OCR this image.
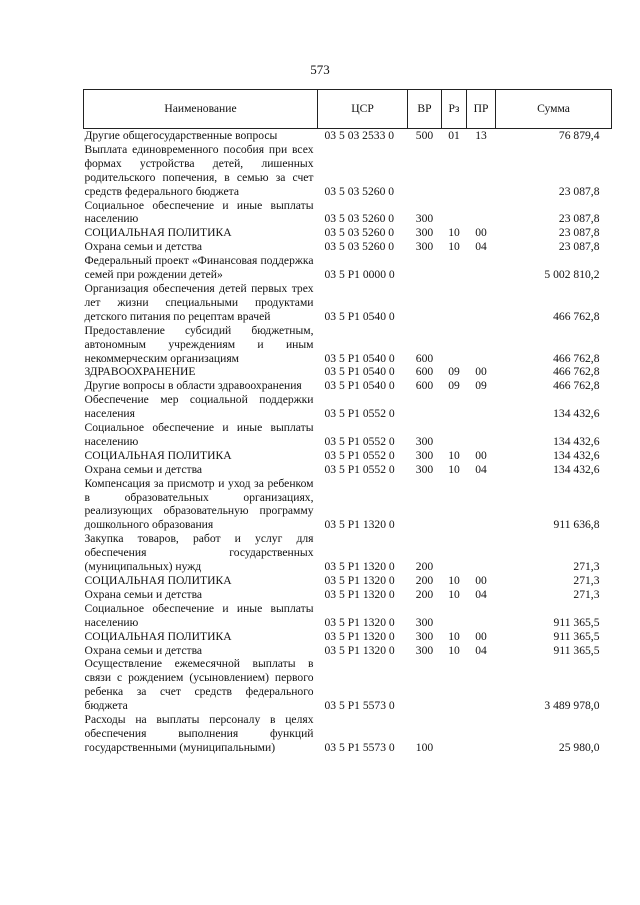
573
Наименование	ЦСР	ВР	Рз	ПР	Сумма
Другие общегосударственные вопросы	03 5 03 2533 0	500	01	13	76 879,4
Выплата единовременного пособия при всех формах устройства детей, лишенных родительского попечения, в семью за счет средств федерального бюджета	03 5 03 5260 0				23 087,8
Социальное обеспечение и иные выплаты населению	03 5 03 5260 0	300			23 087,8
СОЦИАЛЬНАЯ ПОЛИТИКА	03 5 03 5260 0	300	10	00	23 087,8
Охрана семьи и детства	03 5 03 5260 0	300	10	04	23 087,8
Федеральный проект «Финансовая поддержка семей при рождении детей»	03 5 P1 0000 0				5 002 810,2
Организация обеспечения детей первых трех лет жизни специальными продуктами детского питания по рецептам врачей	03 5 P1 0540 0				466 762,8
Предоставление субсидий бюджетным, автономным учреждениям и иным некоммерческим организациям	03 5 P1 0540 0	600			466 762,8
ЗДРАВООХРАНЕНИЕ	03 5 P1 0540 0	600	09	00	466 762,8
Другие вопросы в области здравоохранения	03 5 P1 0540 0	600	09	09	466 762,8
Обеспечение мер социальной поддержки населения	03 5 P1 0552 0				134 432,6
Социальное обеспечение и иные выплаты населению	03 5 P1 0552 0	300			134 432,6
СОЦИАЛЬНАЯ ПОЛИТИКА	03 5 P1 0552 0	300	10	00	134 432,6
Охрана семьи и детства	03 5 P1 0552 0	300	10	04	134 432,6
Компенсация за присмотр и уход за ребенком в образовательных организациях, реализующих образовательную программу дошкольного образования	03 5 P1 1320 0				911 636,8
Закупка товаров, работ и услуг для обеспечения государственных (муниципальных) нужд	03 5 P1 1320 0	200			271,3
СОЦИАЛЬНАЯ ПОЛИТИКА	03 5 P1 1320 0	200	10	00	271,3
Охрана семьи и детства	03 5 P1 1320 0	200	10	04	271,3
Социальное обеспечение и иные выплаты населению	03 5 P1 1320 0	300			911 365,5
СОЦИАЛЬНАЯ ПОЛИТИКА	03 5 P1 1320 0	300	10	00	911 365,5
Охрана семьи и детства	03 5 P1 1320 0	300	10	04	911 365,5
Осуществление ежемесячной выплаты в связи с рождением (усыновлением) первого ребенка за счет средств федерального бюджета	03 5 P1 5573 0				3 489 978,0
Расходы на выплаты персоналу в целях обеспечения выполнения функций государственными (муниципальными)	03 5 P1 5573 0	100			25 980,0
